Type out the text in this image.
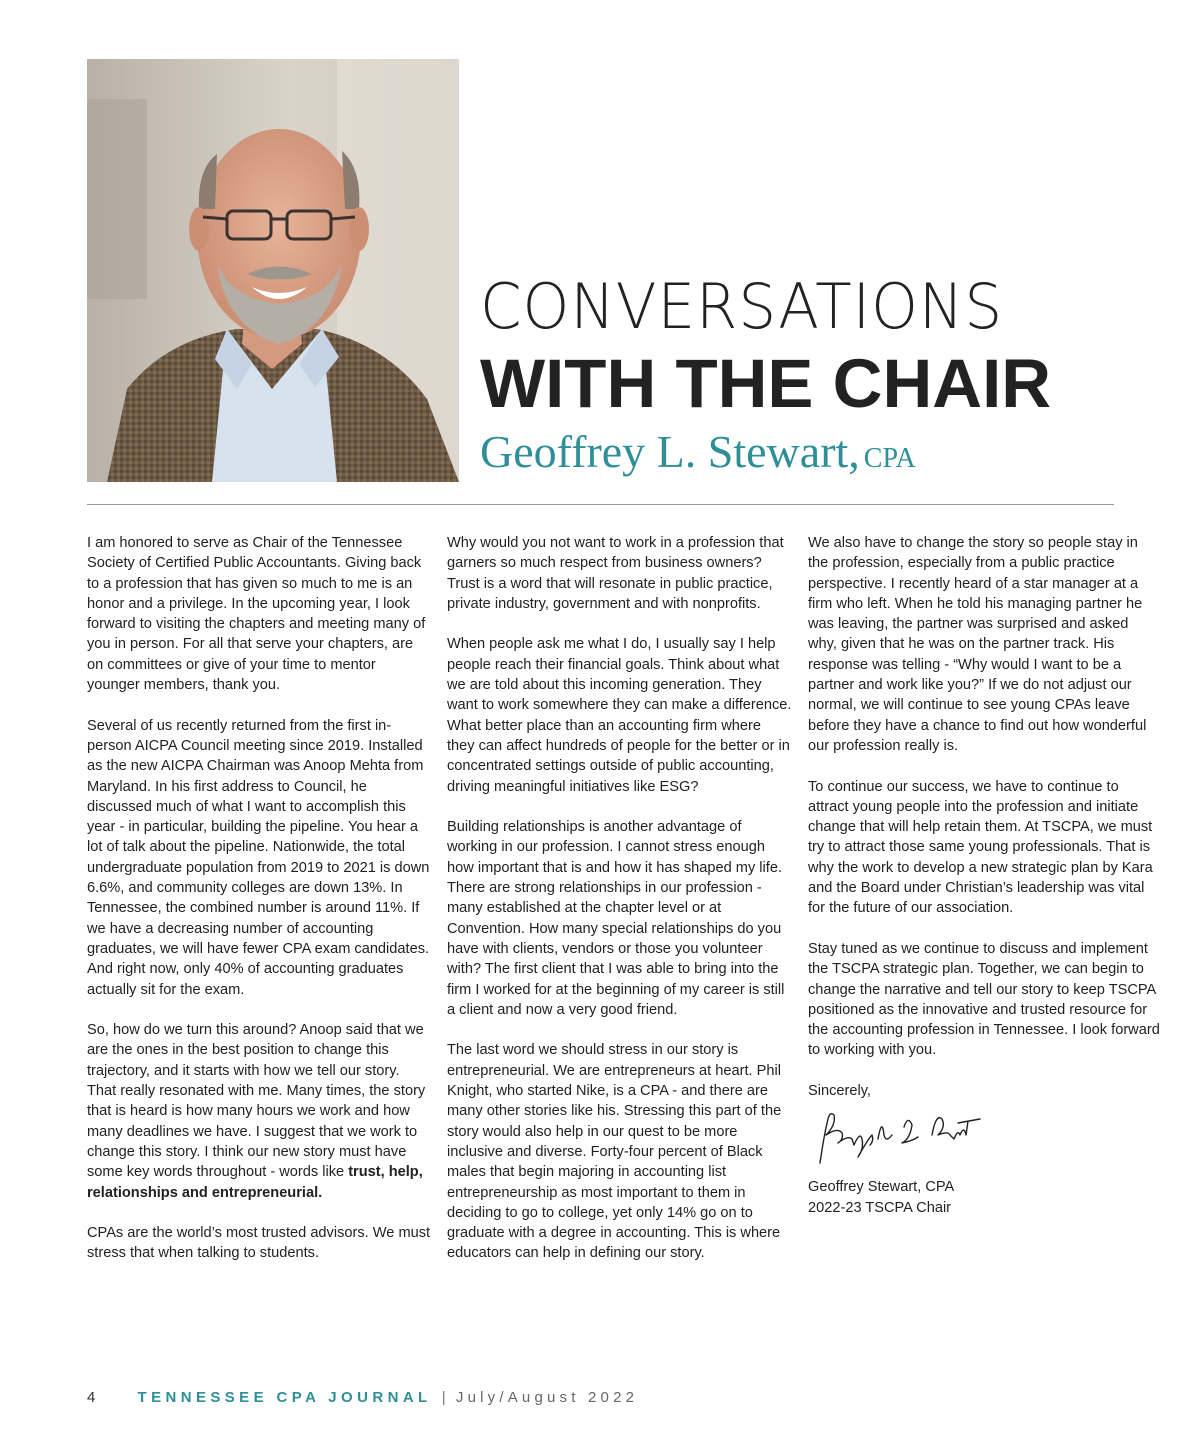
CONVERSATIONS
WITH THE CHAIR
Geoffrey L. Stewart, CPA

I am honored to serve as Chair of the Tennessee Society of Certified Public Accountants. Giving back to a profession that has given so much to me is an honor and a privilege. In the upcoming year, I look forward to visiting the chapters and meeting many of you in person. For all that serve your chapters, are on committees or give of your time to mentor younger members, thank you.

Several of us recently returned from the first in-person AICPA Council meeting since 2019. Installed as the new AICPA Chairman was Anoop Mehta from Maryland. In his first address to Council, he discussed much of what I want to accomplish this year - in particular, building the pipeline. You hear a lot of talk about the pipeline. Nationwide, the total undergraduate population from 2019 to 2021 is down 6.6%, and community colleges are down 13%. In Tennessee, the combined number is around 11%. If we have a decreasing number of accounting graduates, we will have fewer CPA exam candidates. And right now, only 40% of accounting graduates actually sit for the exam.

So, how do we turn this around? Anoop said that we are the ones in the best position to change this trajectory, and it starts with how we tell our story. That really resonated with me. Many times, the story that is heard is how many hours we work and how many deadlines we have. I suggest that we work to change this story. I think our new story must have some key words throughout - words like trust, help, relationships and entrepreneurial.

CPAs are the world’s most trusted advisors. We must stress that when talking to students.

Why would you not want to work in a profession that garners so much respect from business owners? Trust is a word that will resonate in public practice, private industry, government and with nonprofits.

When people ask me what I do, I usually say I help people reach their financial goals. Think about what we are told about this incoming generation. They want to work somewhere they can make a difference. What better place than an accounting firm where they can affect hundreds of people for the better or in concentrated settings outside of public accounting, driving meaningful initiatives like ESG?

Building relationships is another advantage of working in our profession. I cannot stress enough how important that is and how it has shaped my life. There are strong relationships in our profession - many established at the chapter level or at Convention. How many special relationships do you have with clients, vendors or those you volunteer with? The first client that I was able to bring into the firm I worked for at the beginning of my career is still a client and now a very good friend.

The last word we should stress in our story is entrepreneurial. We are entrepreneurs at heart. Phil Knight, who started Nike, is a CPA - and there are many other stories like his. Stressing this part of the story would also help in our quest to be more inclusive and diverse. Forty-four percent of Black males that begin majoring in accounting list entrepreneurship as most important to them in deciding to go to college, yet only 14% go on to graduate with a degree in accounting. This is where educators can help in defining our story.

We also have to change the story so people stay in the profession, especially from a public practice perspective. I recently heard of a star manager at a firm who left. When he told his managing partner he was leaving, the partner was surprised and asked why, given that he was on the partner track. His response was telling - “Why would I want to be a partner and work like you?” If we do not adjust our normal, we will continue to see young CPAs leave before they have a chance to find out how wonderful our profession really is.

To continue our success, we have to continue to attract young people into the profession and initiate change that will help retain them. At TSCPA, we must try to attract those same young professionals. That is why the work to develop a new strategic plan by Kara and the Board under Christian’s leadership was vital for the future of our association.

Stay tuned as we continue to discuss and implement the TSCPA strategic plan. Together, we can begin to change the narrative and tell our story to keep TSCPA positioned as the innovative and trusted resource for the accounting profession in Tennessee. I look forward to working with you.

Sincerely,

Geoffrey Stewart, CPA
2022-23 TSCPA Chair
4	TENNESSEE CPA JOURNAL | July/August 2022
